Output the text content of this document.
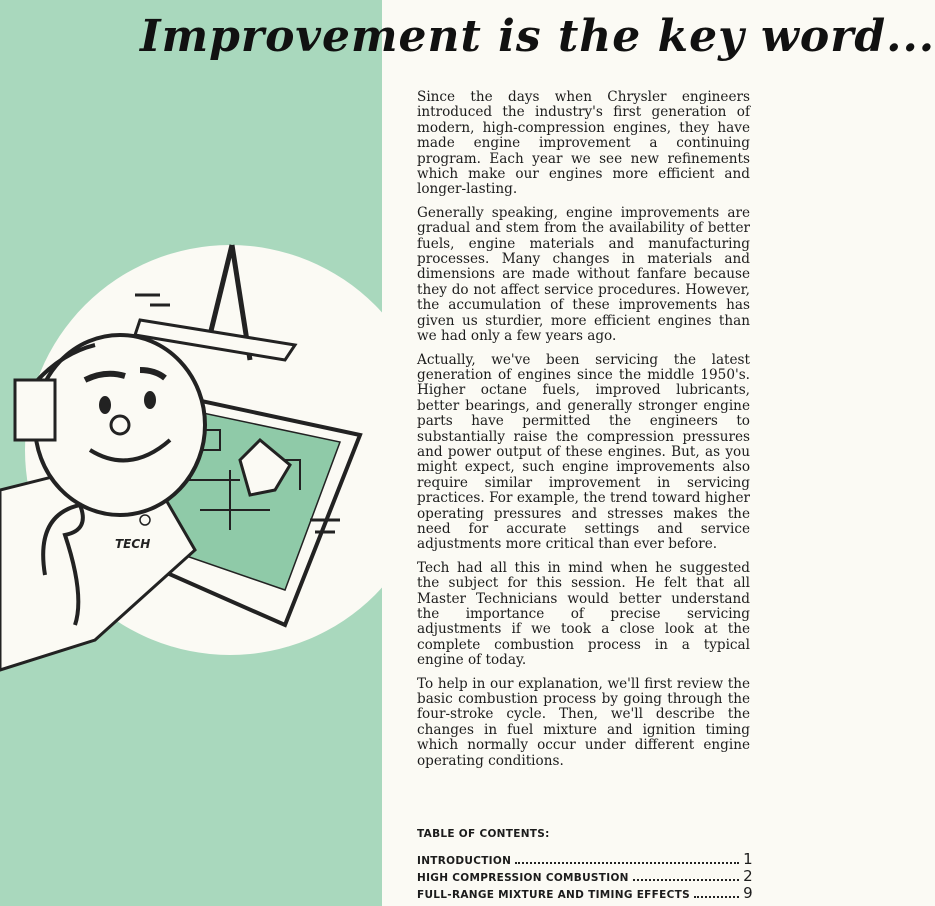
Improvement is the key word...
TECH

Since the days when Chrysler engineers introduced the industry's first generation of modern, high-compression engines, they have made engine improvement a continuing program. Each year we see new refinements which make our engines more efficient and longer-lasting.

Generally speaking, engine improvements are gradual and stem from the availability of better fuels, engine materials and manufacturing processes. Many changes in materials and dimensions are made without fanfare because they do not affect service procedures. However, the accumulation of these improvements has given us sturdier, more efficient engines than we had only a few years ago.

Actually, we've been servicing the latest generation of engines since the middle 1950's. Higher octane fuels, improved lubricants, better bearings, and generally stronger engine parts have permitted the engineers to substantially raise the compression pressures and power output of these engines. But, as you might expect, such engine improvements also require similar improvement in servicing practices. For example, the trend toward higher operating pressures and stresses makes the need for accurate settings and service adjustments more critical than ever before.

Tech had all this in mind when he suggested the subject for this session. He felt that all Master Technicians would better understand the importance of precise servicing adjustments if we took a close look at the complete combustion process in a typical engine of today.

To help in our explanation, we'll first review the basic combustion process by going through the four-stroke cycle. Then, we'll describe the changes in fuel mixture and ignition timing which normally occur under different engine operating conditions.

TABLE OF CONTENTS:
INTRODUCTION	1
HIGH COMPRESSION COMBUSTION	2
FULL-RANGE MIXTURE AND TIMING EFFECTS	9
